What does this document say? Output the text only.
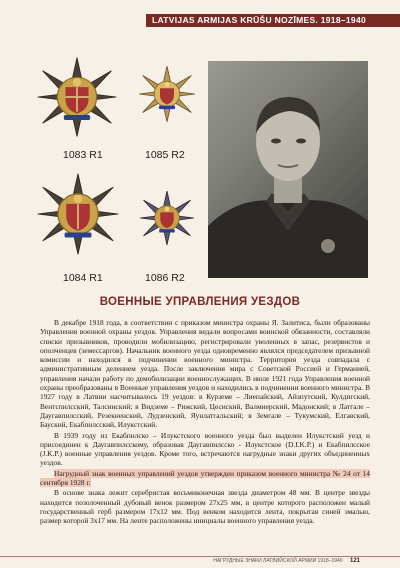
LATVIJAS ARMIJAS KRŪŠU NOZĪMES. 1918–1940
1083 R1	1085 R2
1084 R1	1086 R2
ВОЕННЫЕ УПРАВЛЕНИЯ УЕЗДОВ

В декабре 1918 года, в соответствии с приказом министра охраны Я. Залитиса, были образованы Управления военной охраны уездов. Управления ведали вопросами воинской обязанности, составляли списки призывников, проводили мобилизацию, регистрировали уволенных в запас, резервистов и ополченцев (земессаргов). Начальник военного уезда одновременно являлся председателем призывной комиссии и находился в подчинении военного министра. Территория уезда совпадала с административным делением уезда. После заключения мира с Советской Россией и Германией, управления начали работу по демобилизации военнослужащих. В июле 1921 года Управления военной охраны преобразованы в Военные управления уездов и находились в подчинении военного министра. В 1927 году в Латвии насчитывалось 19 уездов: в Курземе – Лиепайский, Айзпутский, Кулдигский, Вентспилсский, Талсинский; в Видземе – Рижский, Цесиский, Валмиерский, Мадонский; в Латгале – Даугавпилсский, Резекненский, Лудзенский, Яунлатгальский; в Земгале – Тукумский, Елгавский, Бауский, Екабпилсский, Илукстский.

В 1939 году из Екабпилско – Илукстского военного уезда был выделен Илукстский уезд и присоединен к Даугавпилсскому, образовав Даугавпилсско - Илукстское (D.I.K.P.) и Екабпилсское (J.K.P.) военные управления уездов. Кроме того, встречаются нагрудные знаки других объединенных уездов.

Нагрудный знак военных управлений уездов утвержден приказом военного министра № 24 от 14 сентября 1928 г.

В основе знака лежит серебристая восьмиконечная звезда диаметром 48 мм. В центре звезды находится позолоченный дубовый венок размером 27х25 мм, в центре которого расположен малый государственный герб размером 17х12 мм. Под венком находится лента, покрытая синей эмалью, размер которой 3х17 мм. На ленте расположены инициалы военного управления уезда.

НАГРУДНЫЕ ЗНАКИ ЛАТВИЙСКОЙ АРМИИ 1918–1940 121
